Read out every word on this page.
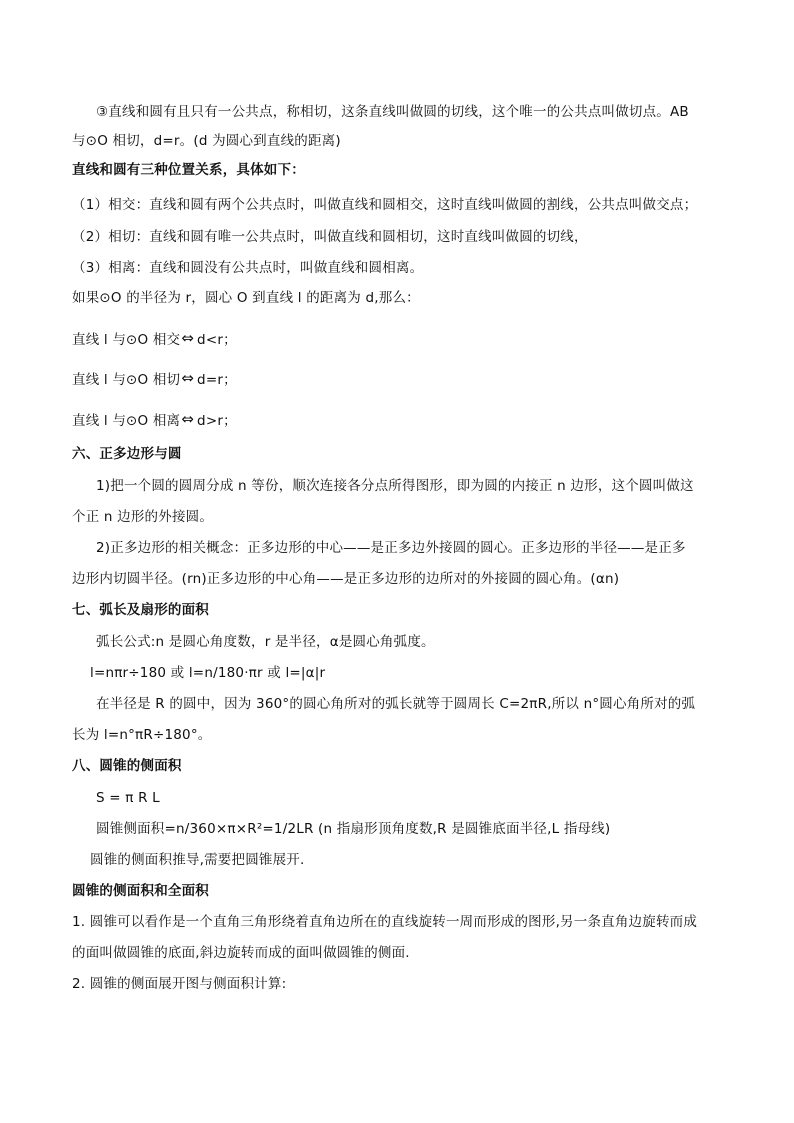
③直线和圆有且只有一公共点，称相切，这条直线叫做圆的切线，这个唯一的公共点叫做切点。AB
与⊙O 相切，d=r。(d 为圆心到直线的距离)
直线和圆有三种位置关系，具体如下：
（1）相交：直线和圆有两个公共点时，叫做直线和圆相交，这时直线叫做圆的割线，公共点叫做交点；
（2）相切：直线和圆有唯一公共点时，叫做直线和圆相切，这时直线叫做圆的切线，
（3）相离：直线和圆没有公共点时，叫做直线和圆相离。
如果⊙O 的半径为 r，圆心 O 到直线 l 的距离为 d,那么：
直线 l 与⊙O 相交⇔ d<r；
直线 l 与⊙O 相切⇔ d=r；
直线 l 与⊙O 相离⇔ d>r；
六、正多边形与圆
1)把一个圆的圆周分成 n 等份，顺次连接各分点所得图形，即为圆的内接正 n 边形，这个圆叫做这
个正 n 边形的外接圆。
2)正多边形的相关概念：正多边形的中心——是正多边外接圆的圆心。正多边形的半径——是正多
边形内切圆半径。(rn)正多边形的中心角——是正多边形的边所对的外接圆的圆心角。(αn)
七、弧长及扇形的面积
弧长公式:n 是圆心角度数，r 是半径，α是圆心角弧度。
l=nπr÷180 或 l=n/180·πr 或 l=|α|r
在半径是 R 的圆中，因为 360°的圆心角所对的弧长就等于圆周长 C=2πR,所以 n°圆心角所对的弧
长为 l=n°πR÷180°。
八、圆锥的侧面积
S = π R L
圆锥侧面积=n/360×π×R²=1/2LR (n 指扇形顶角度数,R 是圆锥底面半径,L 指母线)
圆锥的侧面积推导,需要把圆锥展开.
圆锥的侧面积和全面积
1. 圆锥可以看作是一个直角三角形绕着直角边所在的直线旋转一周而形成的图形,另一条直角边旋转而成
的面叫做圆锥的底面,斜边旋转而成的面叫做圆锥的侧面.
2. 圆锥的侧面展开图与侧面积计算:
